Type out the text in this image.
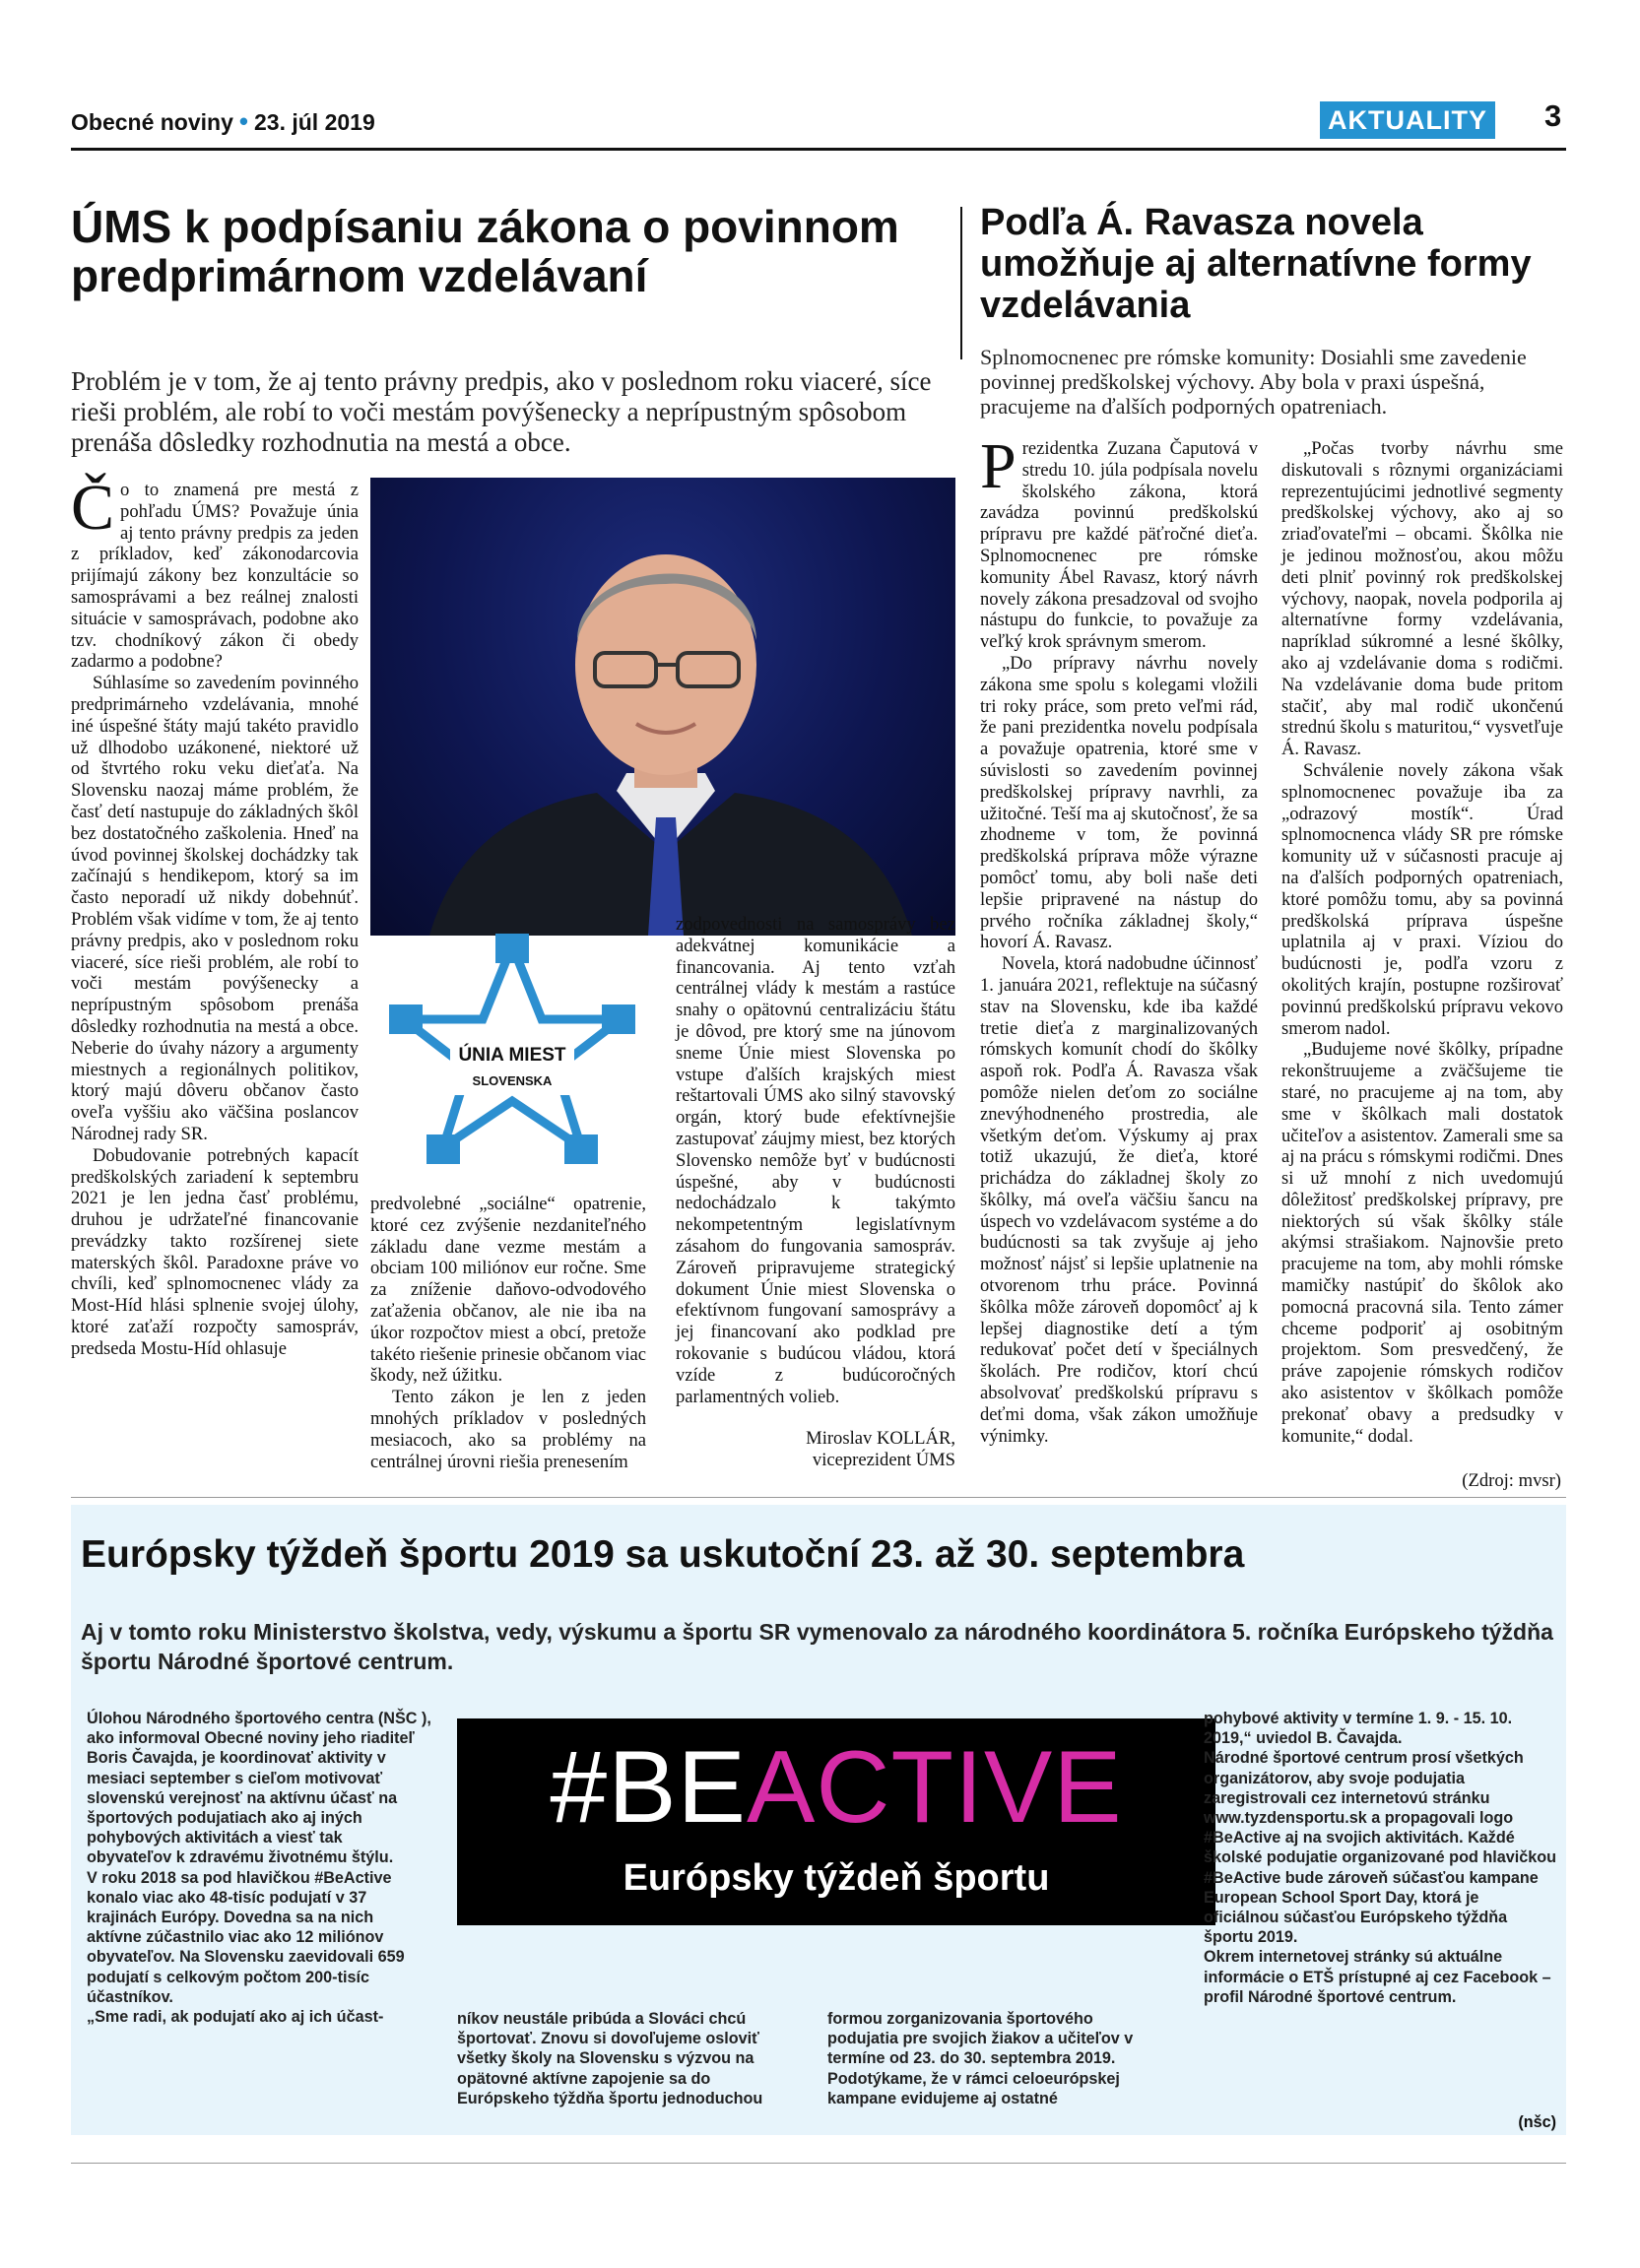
Obecné noviny • 23. júl 2019	AKTUALITY 3
ÚMS k podpísaniu zákona o povinnom predprimárnom vzdelávaní
Problém je v tom, že aj tento právny predpis, ako v poslednom roku viaceré, síce rieši problém, ale robí to voči mestám povýšenecky a neprípustným spôsobom prenáša dôsledky rozhodnutia na mestá a obce.

Čo to znamená pre mestá z pohľadu ÚMS? Považuje únia aj tento právny predpis za jeden z príkladov, keď zákonodarcovia prijímajú zákony bez konzultácie so samosprávami a bez reálnej znalosti situácie v samosprávach, podobne ako tzv. chodníkový zákon či obedy zadarmo a podobne?

Súhlasíme so zavedením povinného predprimárneho vzdelávania, mnohé iné úspešné štáty majú takéto pravidlo už dlhodobo uzákonené, niektoré už od štvrtého roku veku dieťaťa. Na Slovensku naozaj máme problém, že časť detí nastupuje do základných škôl bez dostatočného zaškolenia. Hneď na úvod povinnej školskej dochádzky tak začínajú s hendikepom, ktorý sa im často neporadí už nikdy dobehnúť. Problém však vidíme v tom, že aj tento právny predpis, ako v poslednom roku viaceré, síce rieši problém, ale robí to voči mestám povýšenecky a neprípustným spôsobom prenáša dôsledky rozhodnutia na mestá a obce. Neberie do úvahy názory a argumenty miestnych a regionálnych politikov, ktorý majú dôveru občanov často oveľa vyššiu ako väčšina poslancov Národnej rady SR.

Dobudovanie potrebných kapacít predškolských zariadení k septembru 2021 je len jedna časť problému, druhou je udržateľné financovanie prevádzky takto rozšírenej siete materských škôl. Paradoxne práve vo chvíli, keď splnomocnenec vlády za Most-Híd hlási splnenie svojej úlohy, ktoré zaťaží rozpočty samospráv, predseda Mostu-Híd ohlasuje

ÚNIA MIEST
SLOVENSKA

predvolebné „sociálne“ opatrenie, ktoré cez zvýšenie nezdaniteľného základu dane vezme mestám a obciam 100 miliónov eur ročne. Sme za zníženie daňovo-odvodového zaťaženia občanov, ale nie iba na úkor rozpočtov miest a obcí, pretože takéto riešenie prinesie občanom viac škody, než úžitku.

Tento zákon je len z jeden mnohých príkladov v posledných mesiacoch, ako sa problémy na centrálnej úrovni riešia prenesením

zodpovednosti na samosprávy bez adekvátnej komunikácie a financovania. Aj tento vzťah centrálnej vlády k mestám a rastúce snahy o opätovnú centralizáciu štátu je dôvod, pre ktorý sme na júnovom sneme Únie miest Slovenska po vstupe ďalších krajských miest reštartovali ÚMS ako silný stavovský orgán, ktorý bude efektívnejšie zastupovať záujmy miest, bez ktorých Slovensko nemôže byť v budúcnosti úspešné, aby v budúcnosti nedochádzalo k takýmto nekompetentným legislatívnym zásahom do fungovania samospráv. Zároveň pripravujeme strategický dokument Únie miest Slovenska o efektívnom fungovaní samosprávy a jej financovaní ako podklad pre rokovanie s budúcou vládou, ktorá vzíde z budúcoročných parlamentných volieb.

Miroslav KOLLÁR,
viceprezident ÚMS
Podľa Á. Ravasza novela umožňuje aj alternatívne formy vzdelávania
Splnomocnenec pre rómske komunity: Dosiahli sme zavedenie povinnej predškolskej výchovy. Aby bola v praxi úspešná, pracujeme na ďalších podporných opatreniach.

Prezidentka Zuzana Čaputová v stredu 10. júla podpísala novelu školského zákona, ktorá zavádza povinnú predškolskú prípravu pre každé päťročné dieťa. Splnomocnenec pre rómske komunity Ábel Ravasz, ktorý návrh novely zákona presadzoval od svojho nástupu do funkcie, to považuje za veľký krok správnym smerom.

„Do prípravy návrhu novely zákona sme spolu s kolegami vložili tri roky práce, som preto veľmi rád, že pani prezidentka novelu podpísala a považuje opatrenia, ktoré sme v súvislosti so zavedením povinnej predškolskej prípravy navrhli, za užitočné. Teší ma aj skutočnosť, že sa zhodneme v tom, že povinná predškolská príprava môže výrazne pomôcť tomu, aby boli naše deti lepšie pripravené na nástup do prvého ročníka základnej školy,“ hovorí Á. Ravasz.

Novela, ktorá nadobudne účinnosť 1. januára 2021, reflektuje na súčasný stav na Slovensku, kde iba každé tretie dieťa z marginalizovaných rómskych komunít chodí do škôlky aspoň rok. Podľa Á. Ravasza však pomôže nielen deťom zo sociálne znevýhodneného prostredia, ale všetkým deťom. Výskumy aj prax totiž ukazujú, že dieťa, ktoré prichádza do základnej školy zo škôlky, má oveľa väčšiu šancu na úspech vo vzdelávacom systéme a do budúcnosti sa tak zvyšuje aj jeho možnosť nájsť si lepšie uplatnenie na otvorenom trhu práce. Povinná škôlka môže zároveň dopomôcť aj k lepšej diagnostike detí a tým redukovať počet detí v špeciálnych školách. Pre rodičov, ktorí chcú absolvovať predškolskú prípravu s deťmi doma, však zákon umožňuje výnimky.

„Počas tvorby návrhu sme diskutovali s rôznymi organizáciami reprezentujúcimi jednotlivé segmenty predškolskej výchovy, ako aj so zriaďovateľmi – obcami. Škôlka nie je jedinou možnosťou, akou môžu deti plniť povinný rok predškolskej výchovy, naopak, novela podporila aj alternatívne formy vzdelávania, napríklad súkromné a lesné škôlky, ako aj vzdelávanie doma s rodičmi. Na vzdelávanie doma bude pritom stačiť, aby mal rodič ukončenú strednú školu s maturitou,“ vysvetľuje Á. Ravasz.

Schválenie novely zákona však splnomocnenec považuje iba za „odrazový mostík“. Úrad splnomocnenca vlády SR pre rómske komunity už v súčasnosti pracuje aj na ďalších podporných opatreniach, ktoré pomôžu tomu, aby sa povinná predškolská príprava úspešne uplatnila aj v praxi. Víziou do budúcnosti je, podľa vzoru z okolitých krajín, postupne rozširovať povinnú predškolskú prípravu vekovo smerom nadol.

„Budujeme nové škôlky, prípadne rekonštruujeme a zväčšujeme tie staré, no pracujeme aj na tom, aby sme v škôlkach mali dostatok učiteľov a asistentov. Zamerali sme sa aj na prácu s rómskymi rodičmi. Dnes si už mnohí z nich uvedomujú dôležitosť predškolskej prípravy, pre niektorých sú však škôlky stále akýmsi strašiakom. Najnovšie preto pracujeme na tom, aby mohli rómske mamičky nastúpiť do škôlok ako pomocná pracovná sila. Tento zámer chceme podporiť aj osobitným projektom. Som presvedčený, že práve zapojenie rómskych rodičov ako asistentov v škôlkach pomôže prekonať obavy a predsudky v komunite,“ dodal.

(Zdroj: mvsr)
Európsky týždeň športu 2019 sa uskutoční 23. až 30. septembra
Aj v tomto roku Ministerstvo školstva, vedy, výskumu a športu SR vymenovalo za národného koordinátora 5. ročníka Európskeho týždňa športu Národné športové centrum.

Úlohou Národného športového centra (NŠC ), ako informoval Obecné noviny jeho riaditeľ Boris Čavajda, je koordinovať aktivity v mesiaci september s cieľom motivovať slovenskú verejnosť na aktívnu účasť na športových podujatiach ako aj iných pohybových aktivitách a viesť tak obyvateľov k zdravému životnému štýlu.

V roku 2018 sa pod hlavičkou #BeActive konalo viac ako 48-tisíc podujatí v 37 krajinách Európy. Dovedna sa na nich aktívne zúčastnilo viac ako 12 miliónov obyvateľov. Na Slovensku zaevidovali 659 podujatí s celkovým počtom 200-tisíc účastníkov.

„Sme radi, ak podujatí ako aj ich účast-

#BEACTIVE
Európsky týždeň športu
níkov neustále pribúda a Slováci chcú športovať. Znovu si dovoľujeme osloviť všetky školy na Slovensku s výzvou na opätovné aktívne zapojenie sa do Európskeho týždňa športu jednoduchou
formou zorganizovania športového podujatia pre svojich žiakov a učiteľov v termíne od 23. do 30. septembra 2019. Podotýkame, že v rámci celoeurópskej kampane evidujeme aj ostatné

pohybové aktivity v termíne 1. 9. - 15. 10. 2019,“ uviedol B. Čavajda.

Národné športové centrum prosí všetkých organizátorov, aby svoje podujatia zaregistrovali cez internetovú stránku www.tyzdensportu.sk a propagovali logo #BeActive aj na svojich aktivitách. Každé školské podujatie organizované pod hlavičkou #BeActive bude zároveň súčasťou kampane European School Sport Day, ktorá je oficiálnou súčasťou Európskeho týždňa športu 2019.

Okrem internetovej stránky sú aktuálne informácie o ETŠ prístupné aj cez Facebook – profil Národné športové centrum.

(nšc)
